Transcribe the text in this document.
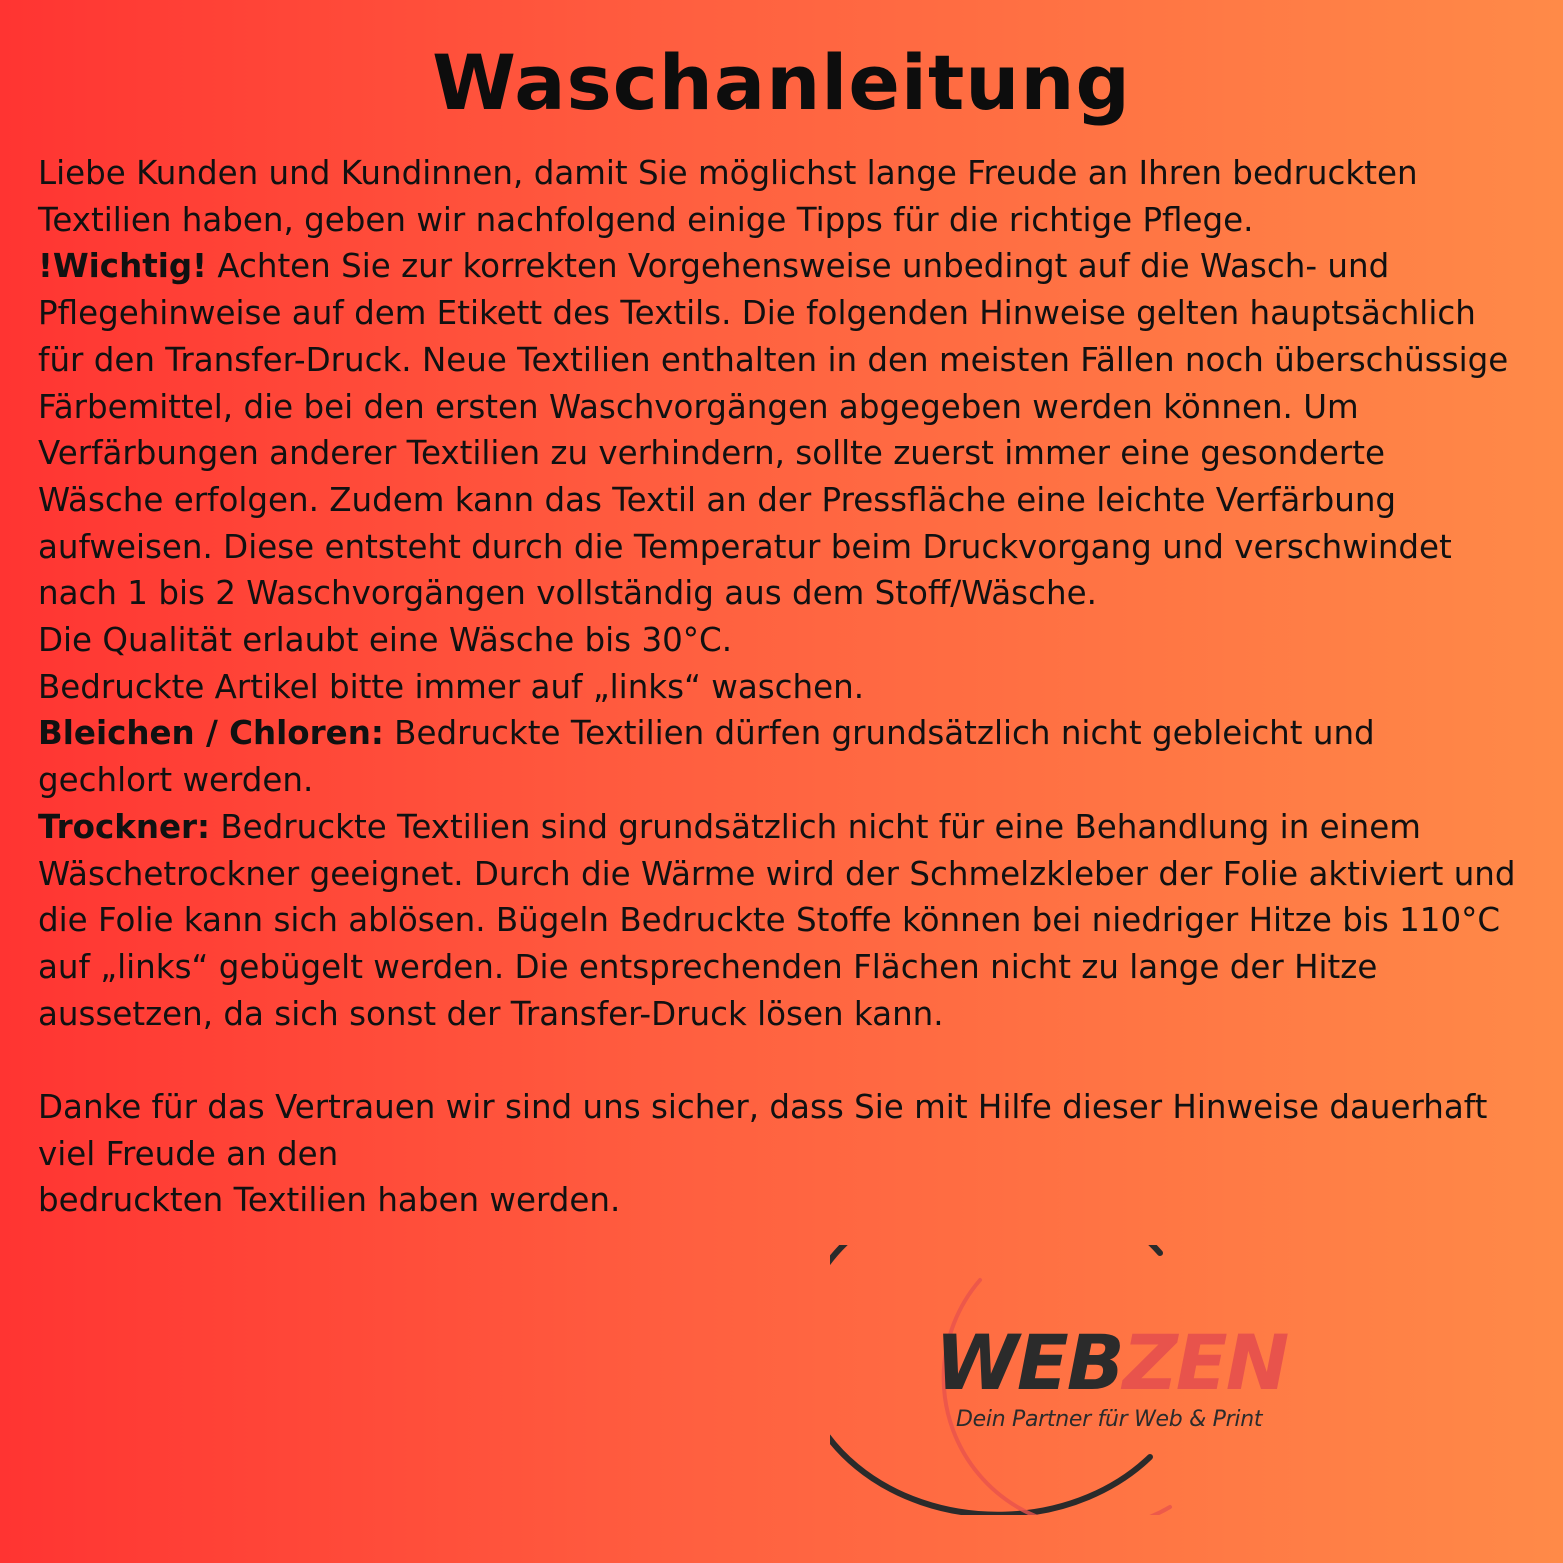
Waschanleitung

Liebe Kunden und Kundinnen, damit Sie möglichst lange Freude an Ihren bedruckten Textilien haben, geben wir nachfolgend einige Tipps für die richtige Pflege.

!Wichtig! Achten Sie zur korrekten Vorgehensweise unbedingt auf die Wasch- und Pflegehinweise auf dem Etikett des Textils. Die folgenden Hinweise gelten hauptsächlich für den Transfer-Druck. Neue Textilien enthalten in den meisten Fällen noch überschüssige Färbemittel, die bei den ersten Waschvorgängen abgegeben werden können. Um Verfärbungen anderer Textilien zu verhindern, sollte zuerst immer eine gesonderte Wäsche erfolgen. Zudem kann das Textil an der Pressfläche eine leichte Verfärbung aufweisen. Diese entsteht durch die Temperatur beim Druckvorgang und verschwindet nach 1 bis 2 Waschvorgängen vollständig aus dem Stoff/Wäsche.

Die Qualität erlaubt eine Wäsche bis 30°C.

Bedruckte Artikel bitte immer auf „links“ waschen.

Bleichen / Chloren: Bedruckte Textilien dürfen grundsätzlich nicht gebleicht und gechlort werden.

Trockner: Bedruckte Textilien sind grundsätzlich nicht für eine Behandlung in einem Wäschetrockner geeignet. Durch die Wärme wird der Schmelzkleber der Folie aktiviert und die Folie kann sich ablösen. Bügeln Bedruckte Stoffe können bei niedriger Hitze bis 110°C auf „links“ gebügelt werden. Die entsprechenden Flächen nicht zu lange der Hitze aussetzen, da sich sonst der Transfer-Druck lösen kann.

Danke für das Vertrauen wir sind uns sicher, dass Sie mit Hilfe dieser Hinweise dauerhaft viel Freude an den

bedruckten Textilien haben werden.

WEBZEN
Dein Partner für Web & Print
